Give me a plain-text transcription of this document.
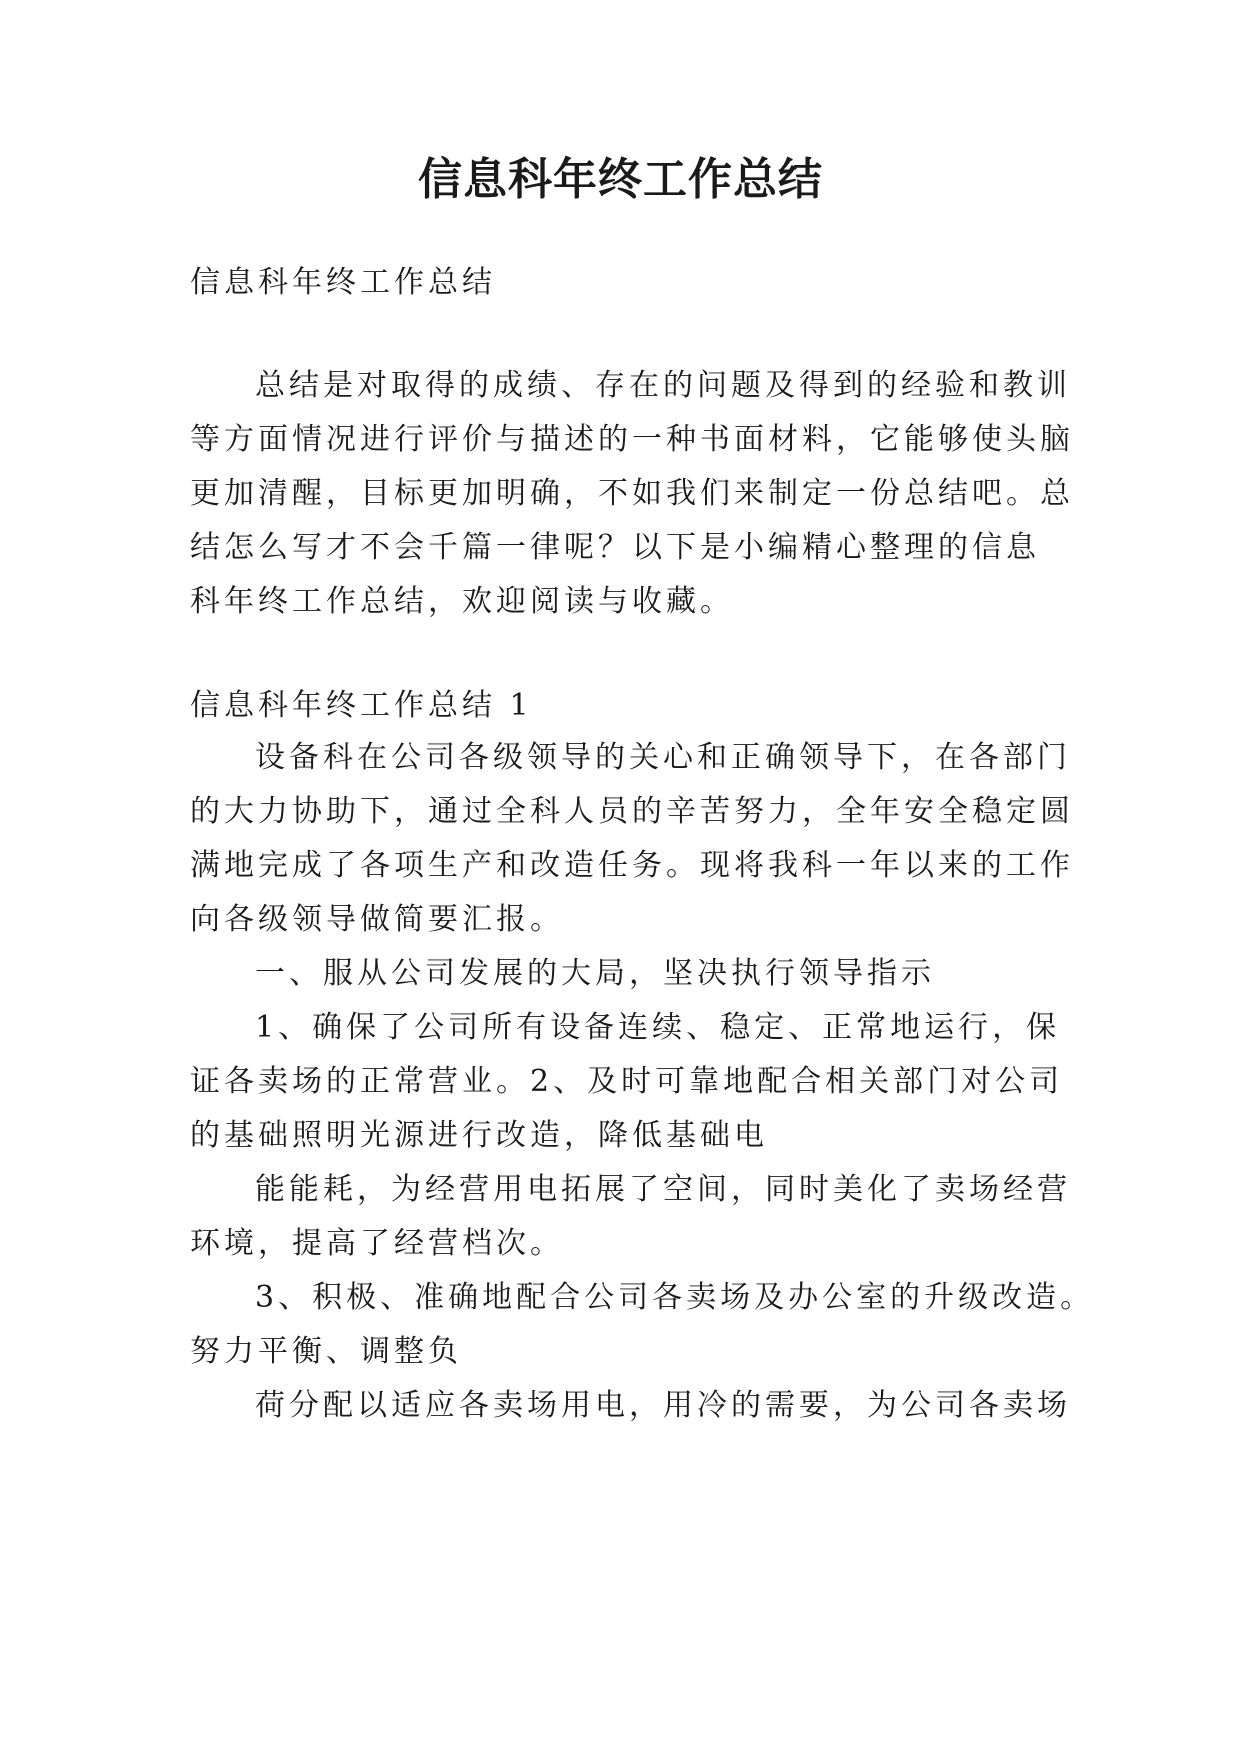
信息科年终工作总结
信息科年终工作总结
总结是对取得的成绩、存在的问题及得到的经验和教训
等方面情况进行评价与描述的一种书面材料，它能够使头脑
更加清醒，目标更加明确，不如我们来制定一份总结吧。总
结怎么写才不会千篇一律呢？以下是小编精心整理的信息
科年终工作总结，欢迎阅读与收藏。
信息科年终工作总结 1
设备科在公司各级领导的关心和正确领导下，在各部门
的大力协助下，通过全科人员的辛苦努力，全年安全稳定圆
满地完成了各项生产和改造任务。现将我科一年以来的工作
向各级领导做简要汇报。
一、服从公司发展的大局，坚决执行领导指示
1、确保了公司所有设备连续、稳定、正常地运行，保
证各卖场的正常营业。2、及时可靠地配合相关部门对公司
的基础照明光源进行改造，降低基础电
能能耗，为经营用电拓展了空间，同时美化了卖场经营
环境，提高了经营档次。
3、积极、准确地配合公司各卖场及办公室的升级改造。
努力平衡、调整负
荷分配以适应各卖场用电，用冷的需要，为公司各卖场
